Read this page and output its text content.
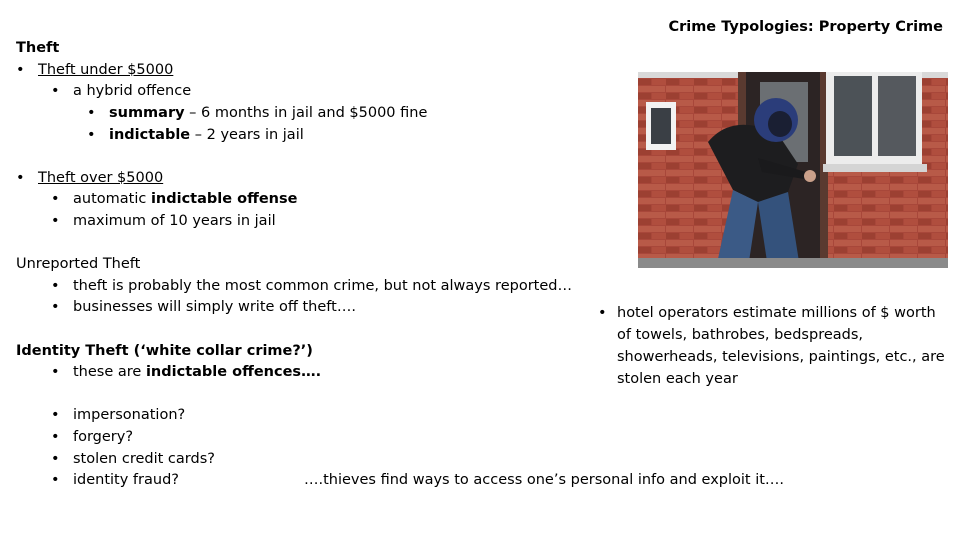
Crime Typologies: Property Crime
Theft
• Theft under $5000
• a hybrid offence
• summary – 6 months in jail and $5000 fine
• indictable – 2 years in jail
• Theft over $5000
• automatic indictable offense
• maximum of 10 years in jail
Unreported Theft
• theft is probably the most common crime, but not always reported…
• businesses will simply write off theft….
Identity Theft (‘white collar crime?’)
• these are indictable offences….
• impersonation?
• forgery?
• stolen credit cards?
• identity fraud?	….thieves find ways to access one’s personal info and exploit it….
• hotel operators estimate millions of $ worth of towels, bathrobes, bedspreads, showerheads, televisions, paintings, etc., are stolen each year
